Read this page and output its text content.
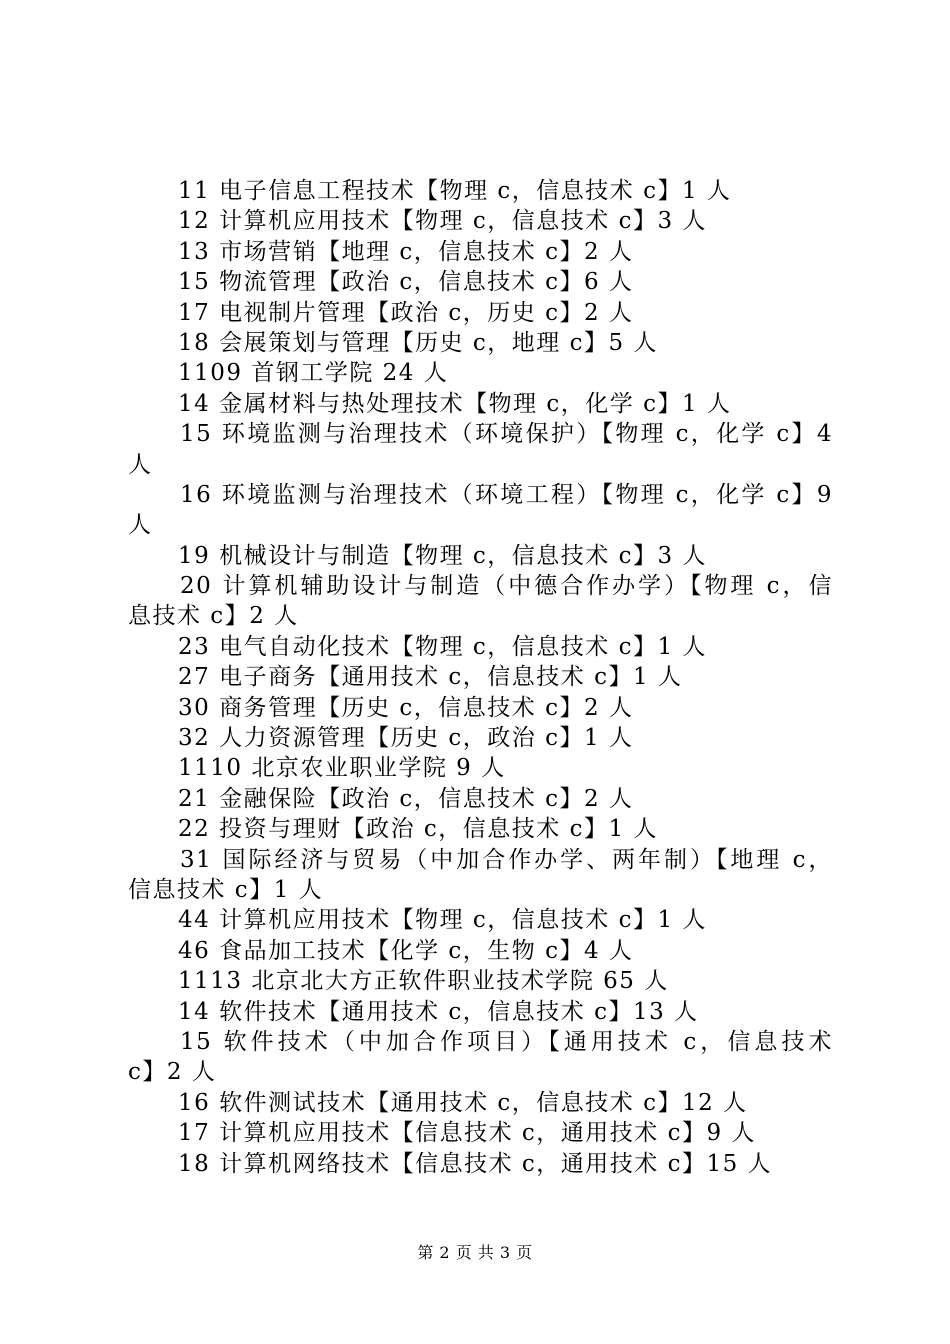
11 电子信息工程技术【物理 c，信息技术 c】1 人
12 计算机应用技术【物理 c，信息技术 c】3 人
13 市场营销【地理 c，信息技术 c】2 人
15 物流管理【政治 c，信息技术 c】6 人
17 电视制片管理【政治 c，历史 c】2 人
18 会展策划与管理【历史 c，地理 c】5 人
1109 首钢工学院 24 人
14 金属材料与热处理技术【物理 c，化学 c】1 人
15 环境监测与治理技术（环境保护）【物理 c，化学 c】4
人
16 环境监测与治理技术（环境工程）【物理 c，化学 c】9
人
19 机械设计与制造【物理 c，信息技术 c】3 人
20 计算机辅助设计与制造（中德合作办学）【物理 c，信
息技术 c】2 人
23 电气自动化技术【物理 c，信息技术 c】1 人
27 电子商务【通用技术 c，信息技术 c】1 人
30 商务管理【历史 c，信息技术 c】2 人
32 人力资源管理【历史 c，政治 c】1 人
1110 北京农业职业学院 9 人
21 金融保险【政治 c，信息技术 c】2 人
22 投资与理财【政治 c，信息技术 c】1 人
31 国际经济与贸易（中加合作办学、两年制）【地理 c，
信息技术 c】1 人
44 计算机应用技术【物理 c，信息技术 c】1 人
46 食品加工技术【化学 c，生物 c】4 人
1113 北京北大方正软件职业技术学院 65 人
14 软件技术【通用技术 c，信息技术 c】13 人
15 软件技术（中加合作项目）【通用技术 c，信息技术
c】2 人
16 软件测试技术【通用技术 c，信息技术 c】12 人
17 计算机应用技术【信息技术 c，通用技术 c】9 人
18 计算机网络技术【信息技术 c，通用技术 c】15 人
第 2 页 共 3 页
